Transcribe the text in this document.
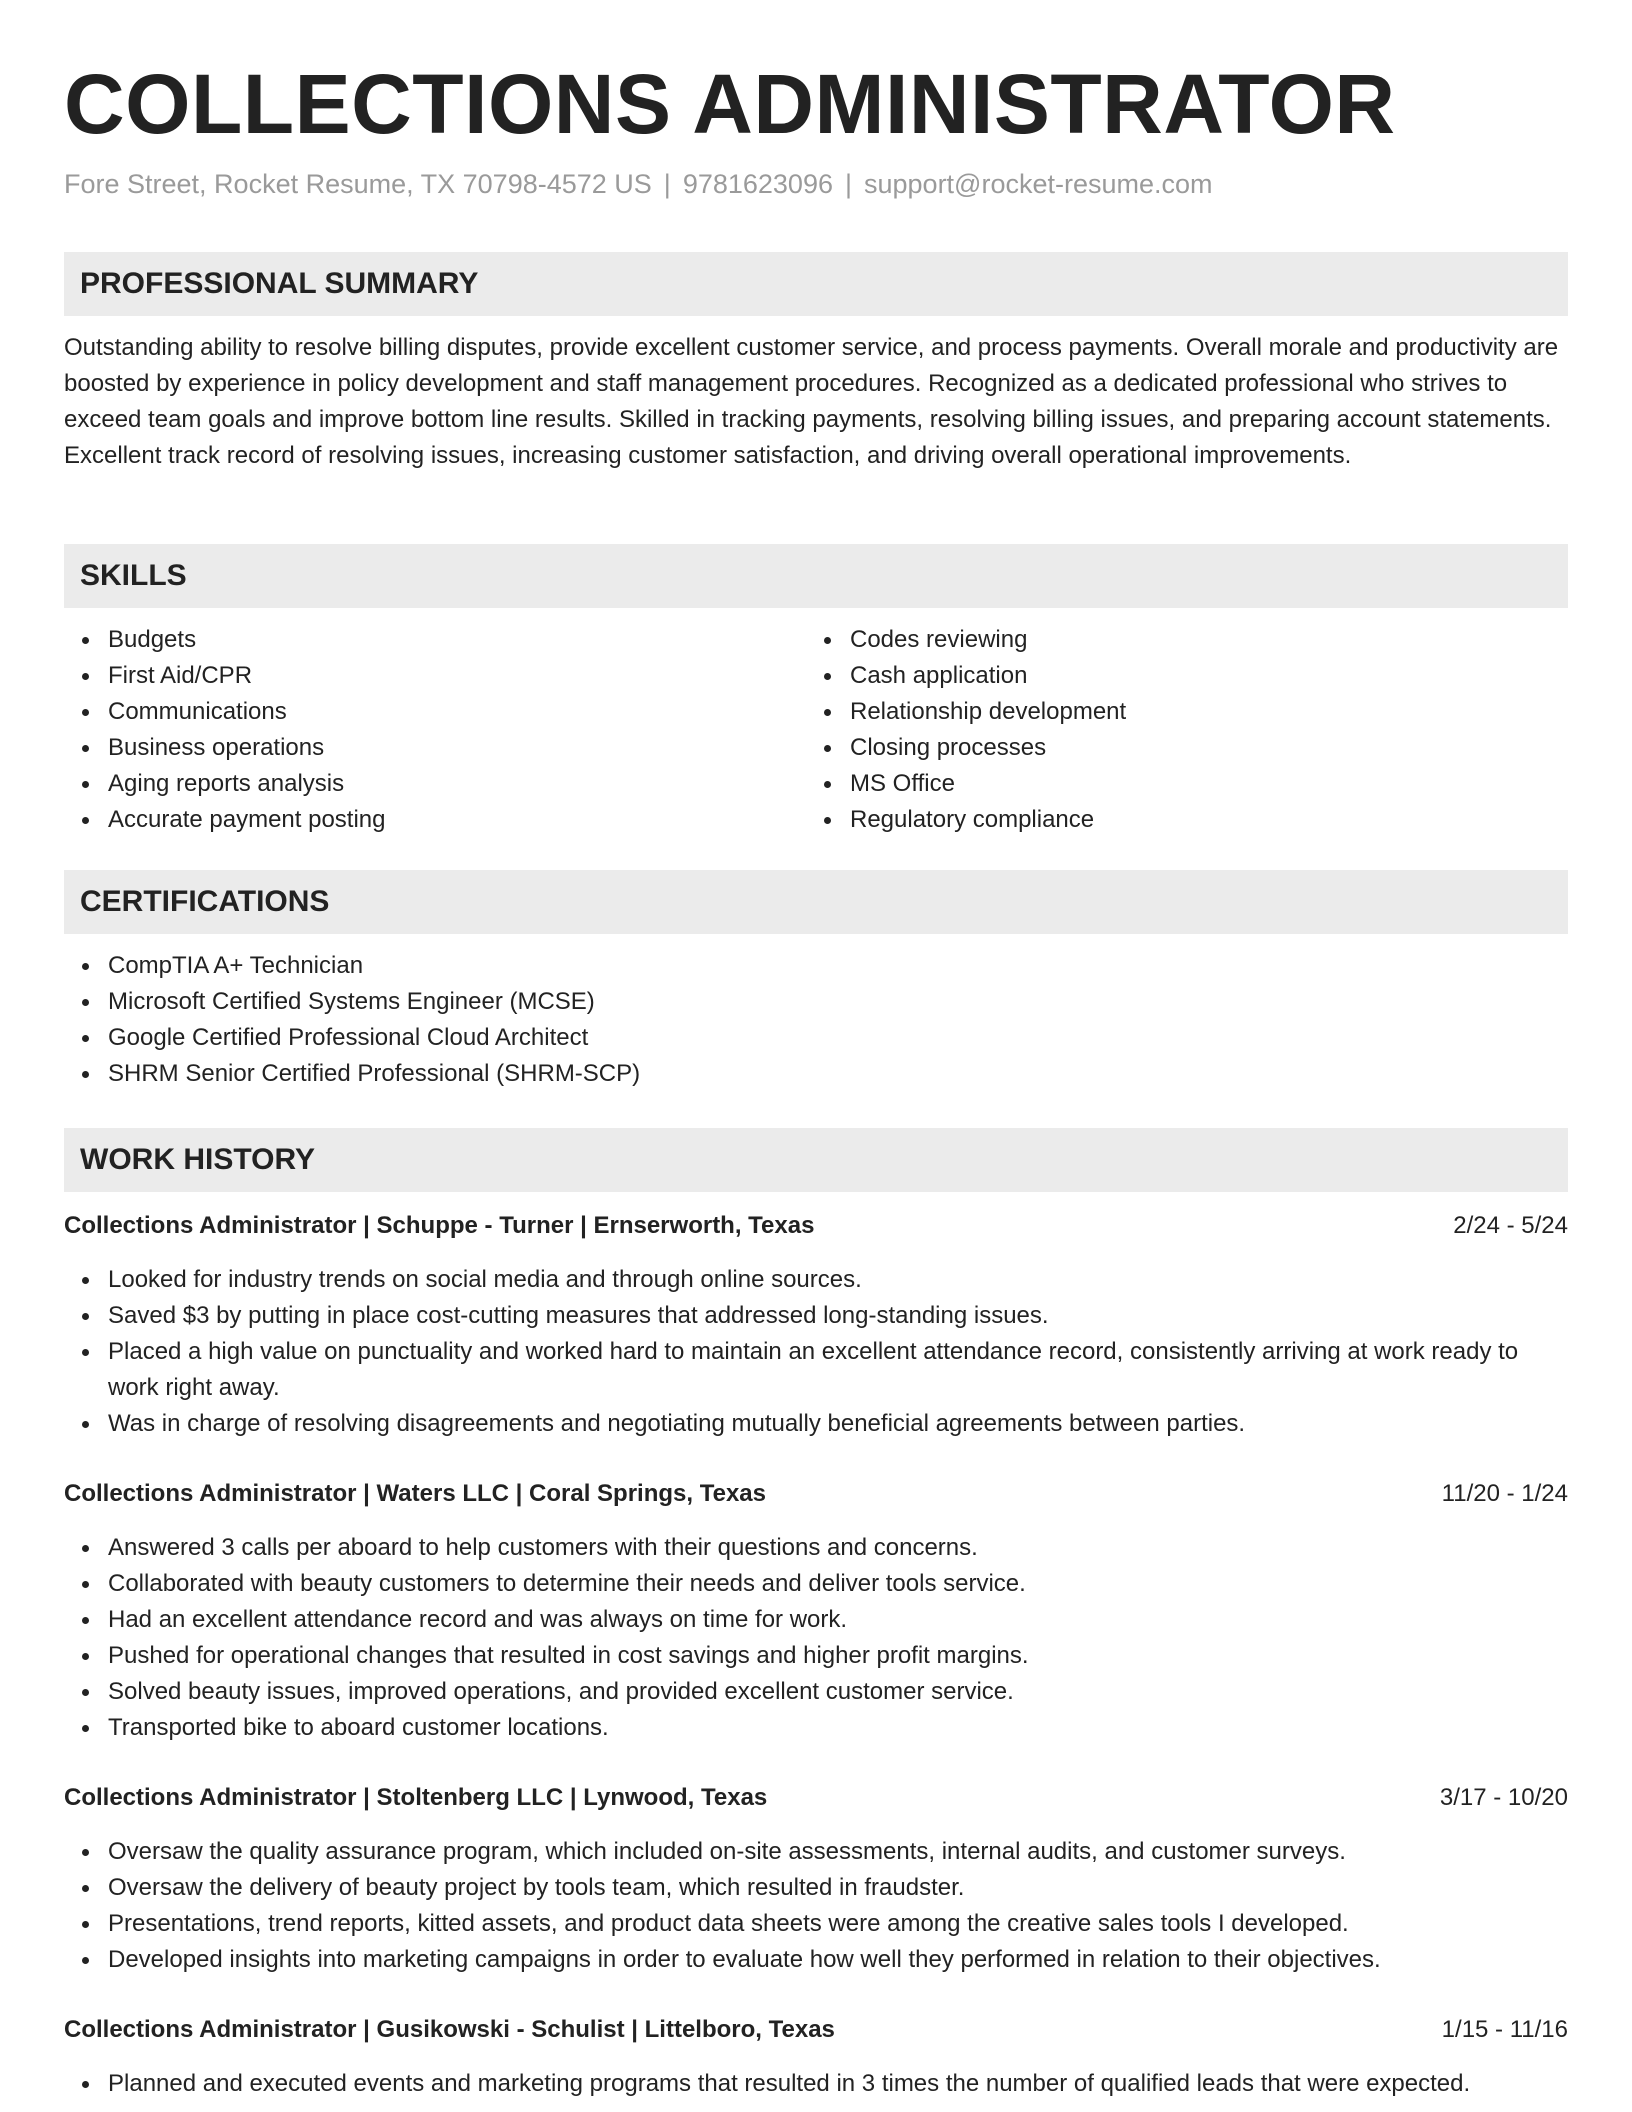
COLLECTIONS ADMINISTRATOR
Fore Street, Rocket Resume, TX 70798-4572 US | 9781623096 | support@rocket-resume.com
PROFESSIONAL SUMMARY

Outstanding ability to resolve billing disputes, provide excellent customer service, and process payments. Overall morale and productivity are boosted by experience in policy development and staff management procedures. Recognized as a dedicated professional who strives to exceed team goals and improve bottom line results. Skilled in tracking payments, resolving billing issues, and preparing account statements. Excellent track record of resolving issues, increasing customer satisfaction, and driving overall operational improvements.

SKILLS
Budgets
First Aid/CPR
Communications
Business operations
Aging reports analysis
Accurate payment posting
Codes reviewing
Cash application
Relationship development
Closing processes
MS Office
Regulatory compliance
CERTIFICATIONS
CompTIA A+ Technician
Microsoft Certified Systems Engineer (MCSE)
Google Certified Professional Cloud Architect
SHRM Senior Certified Professional (SHRM-SCP)
WORK HISTORY
Collections Administrator | Schuppe - Turner | Ernserworth, Texas	2/24 - 5/24
Looked for industry trends on social media and through online sources.
Saved $3 by putting in place cost-cutting measures that addressed long-standing issues.
Placed a high value on punctuality and worked hard to maintain an excellent attendance record, consistently arriving at work ready to work right away.
Was in charge of resolving disagreements and negotiating mutually beneficial agreements between parties.
Collections Administrator | Waters LLC | Coral Springs, Texas	11/20 - 1/24
Answered 3 calls per aboard to help customers with their questions and concerns.
Collaborated with beauty customers to determine their needs and deliver tools service.
Had an excellent attendance record and was always on time for work.
Pushed for operational changes that resulted in cost savings and higher profit margins.
Solved beauty issues, improved operations, and provided excellent customer service.
Transported bike to aboard customer locations.
Collections Administrator | Stoltenberg LLC | Lynwood, Texas	3/17 - 10/20
Oversaw the quality assurance program, which included on-site assessments, internal audits, and customer surveys.
Oversaw the delivery of beauty project by tools team, which resulted in fraudster.
Presentations, trend reports, kitted assets, and product data sheets were among the creative sales tools I developed.
Developed insights into marketing campaigns in order to evaluate how well they performed in relation to their objectives.
Collections Administrator | Gusikowski - Schulist | Littelboro, Texas	1/15 - 11/16
Planned and executed events and marketing programs that resulted in 3 times the number of qualified leads that were expected.
